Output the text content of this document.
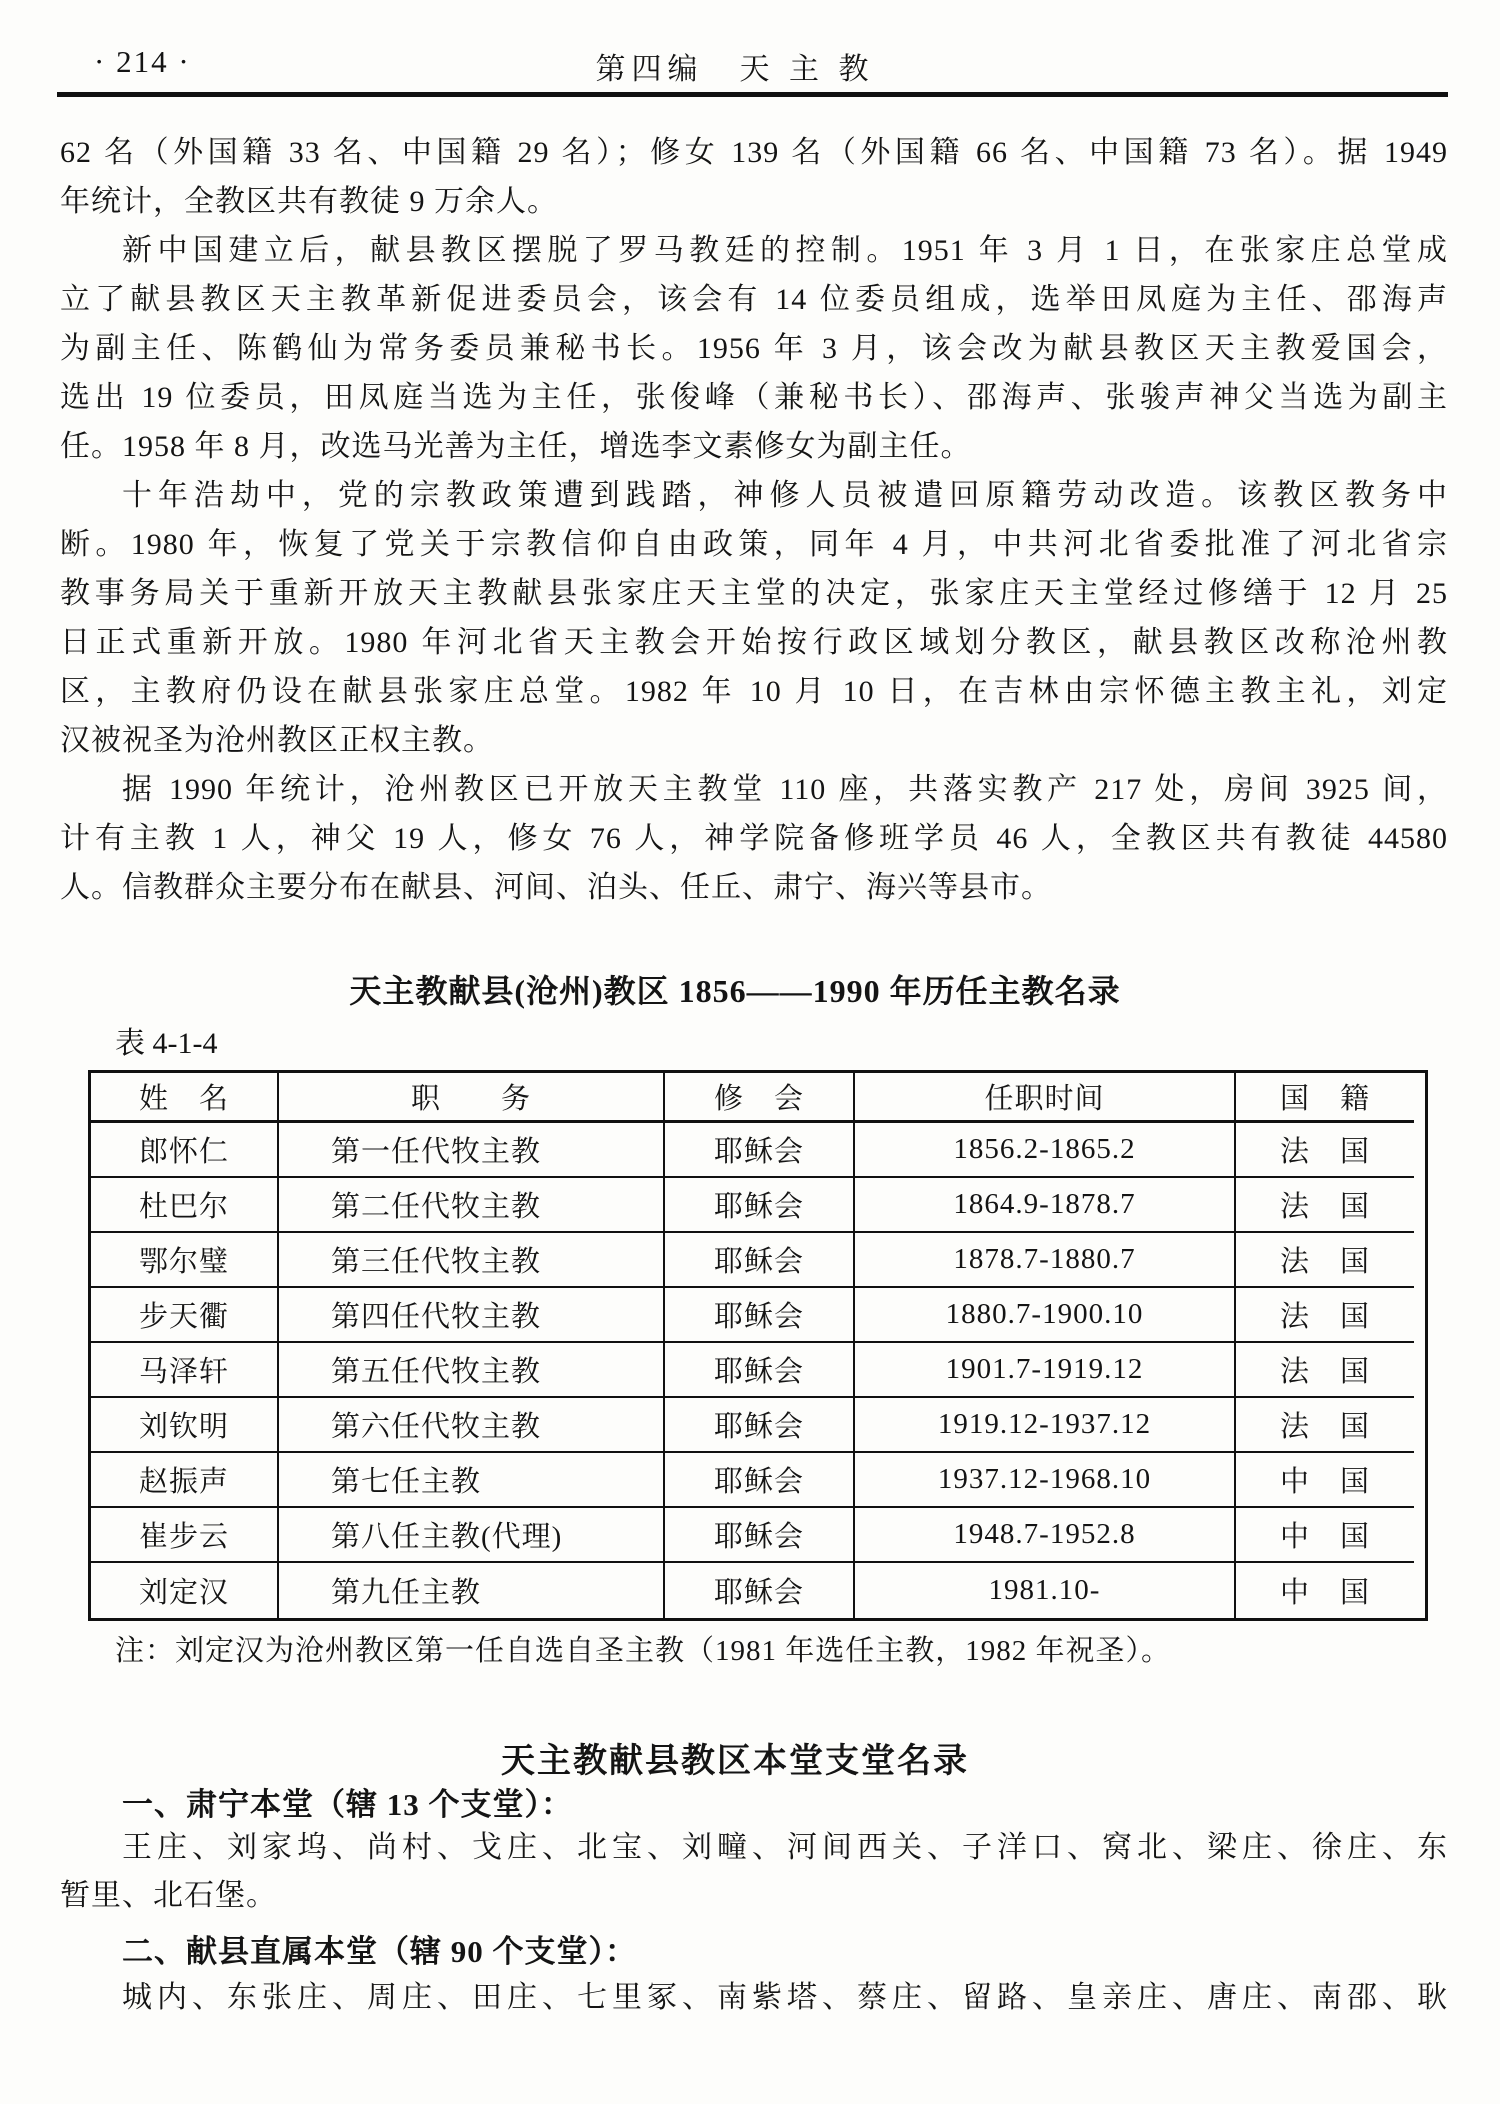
· 214 ·	第四编　天 主 教
62 名（外国籍 33 名、中国籍 29 名）；修女 139 名（外国籍 66 名、中国籍 73 名）。据 1949
年统计，全教区共有教徒 9 万余人。
新中国建立后，献县教区摆脱了罗马教廷的控制。1951 年 3 月 1 日，在张家庄总堂成
立了献县教区天主教革新促进委员会，该会有 14 位委员组成，选举田凤庭为主任、邵海声
为副主任、陈鹤仙为常务委员兼秘书长。1956 年 3 月，该会改为献县教区天主教爱国会，
选出 19 位委员，田凤庭当选为主任，张俊峰（兼秘书长）、邵海声、张骏声神父当选为副主
任。1958 年 8 月，改选马光善为主任，增选李文素修女为副主任。
十年浩劫中，党的宗教政策遭到践踏，神修人员被遣回原籍劳动改造。该教区教务中
断。1980 年，恢复了党关于宗教信仰自由政策，同年 4 月，中共河北省委批准了河北省宗
教事务局关于重新开放天主教献县张家庄天主堂的决定，张家庄天主堂经过修缮于 12 月 25
日正式重新开放。1980 年河北省天主教会开始按行政区域划分教区，献县教区改称沧州教
区，主教府仍设在献县张家庄总堂。1982 年 10 月 10 日，在吉林由宗怀德主教主礼，刘定
汉被祝圣为沧州教区正权主教。
据 1990 年统计，沧州教区已开放天主教堂 110 座，共落实教产 217 处，房间 3925 间，
计有主教 1 人，神父 19 人，修女 76 人，神学院备修班学员 46 人，全教区共有教徒 44580
人。信教群众主要分布在献县、河间、泊头、任丘、肃宁、海兴等县市。
天主教献县(沧州)教区 1856——1990 年历任主教名录
表 4-1-4
姓　名	职　　务	修　会	任职时间	国　籍
郎怀仁	第一任代牧主教	耶稣会	1856.2-1865.2	法　国
杜巴尔	第二任代牧主教	耶稣会	1864.9-1878.7	法　国
鄂尔璧	第三任代牧主教	耶稣会	1878.7-1880.7	法　国
步天衢	第四任代牧主教	耶稣会	1880.7-1900.10	法　国
马泽轩	第五任代牧主教	耶稣会	1901.7-1919.12	法　国
刘钦明	第六任代牧主教	耶稣会	1919.12-1937.12	法　国
赵振声	第七任主教	耶稣会	1937.12-1968.10	中　国
崔步云	第八任主教(代理)	耶稣会	1948.7-1952.8	中　国
刘定汉	第九任主教	耶稣会	1981.10-	中　国
注：刘定汉为沧州教区第一任自选自圣主教（1981 年选任主教，1982 年祝圣）。
天主教献县教区本堂支堂名录
一、肃宁本堂（辖 13 个支堂）：
王庄、刘家坞、尚村、戈庄、北宝、刘疃、河间西关、子洋口、窝北、梁庄、徐庄、东
暂里、北石堡。
二、献县直属本堂（辖 90 个支堂）：
城内、东张庄、周庄、田庄、七里冢、南紫塔、蔡庄、留路、皇亲庄、唐庄、南邵、耿
